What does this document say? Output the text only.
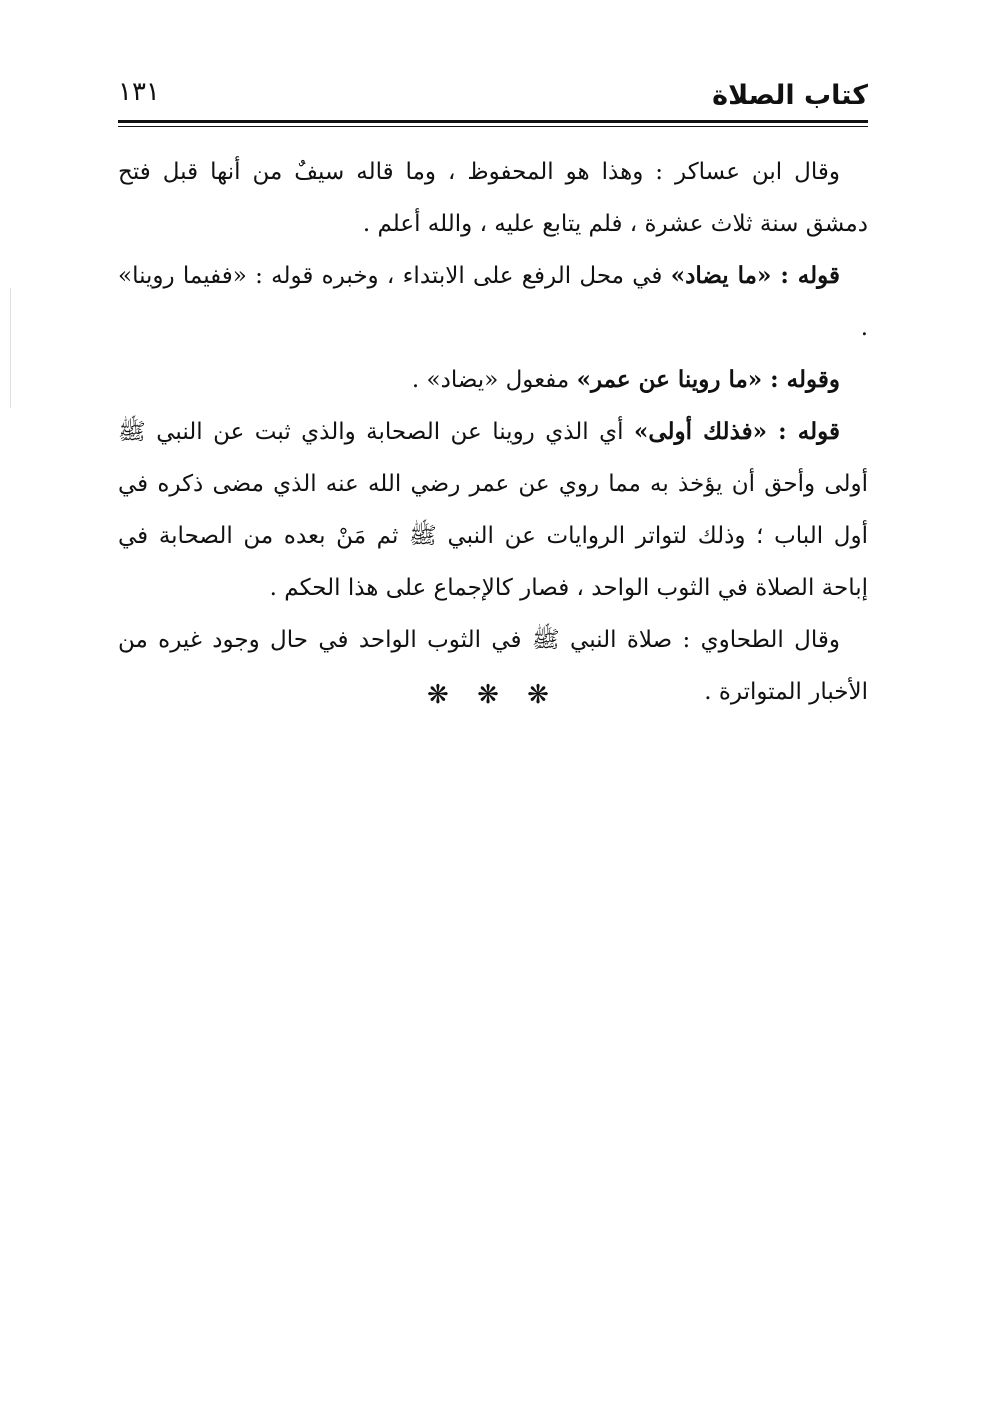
كتاب الصلاة
١٣١

وقال ابن عساكر : وهذا هو المحفوظ ، وما قاله سيفٌ من أنها قبل فتح دمشق سنة ثلاث عشرة ، فلم يتابع عليه ، والله أعلم .

قوله : «ما يضاد» في محل الرفع على الابتداء ، وخبره قوله : «ففيما روينا» .

وقوله : «ما روينا عن عمر» مفعول «يضاد» .

قوله : «فذلك أولى» أي الذي روينا عن الصحابة والذي ثبت عن النبي ﷺ أولى وأحق أن يؤخذ به مما روي عن عمر رضي الله عنه الذي مضى ذكره في أول الباب ؛ وذلك لتواتر الروايات عن النبي ﷺ ثم مَنْ بعده من الصحابة في إباحة الصلاة في الثوب الواحد ، فصار كالإجماع على هذا الحكم .

وقال الطحاوي : صلاة النبي ﷺ في الثوب الواحد في حال وجود غيره من الأخبار المتواترة .

❋ ❋ ❋
